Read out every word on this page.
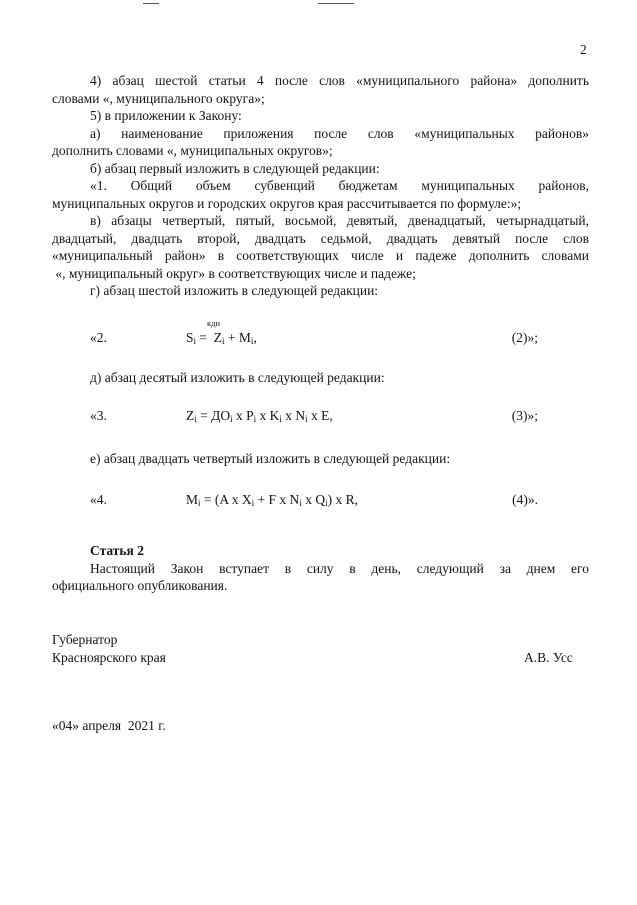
2
4) абзац шестой статьи 4 после слов «муниципального района» дополнить
словами «, муниципального округа»;
5) в приложении к Закону:
а) наименование приложения после слов «муниципальных районов»
дополнить словами «, муниципальных округов»;
б) абзац первый изложить в следующей редакции:
«1. Общий объем субвенций бюджетам муниципальных районов,
муниципальных округов и городских округов края рассчитывается по формуле:»;
в) абзацы четвертый, пятый, восьмой, девятый, двенадцатый, четырнадцатый,
двадцатый, двадцать второй, двадцать седьмой, двадцать девятый после слов
«муниципальный район» в соответствующих числе и падеже дополнить словами
«, муниципальный округ» в соответствующих числе и падеже;
г) абзац шестой изложить в следующей редакции:
кдн
«2.	$S_i = Z_i + M_i$,	(2)»;
д) абзац десятый изложить в следующей редакции:
«3.	$Z_i = ДО_i$ x $P_i$ x $K_i$ x $N_i$ x E,	(3)»;
е) абзац двадцать четвертый изложить в следующей редакции:
«4.	$M_i = (A$ x $X_i + F$ x $N_i$ x $Q_i$) x R,	(4)».
Статья 2
Настоящий Закон вступает в силу в день, следующий за днем его
официального опубликования.
Губернатор
Красноярского края	А.В. Усс
«04» апреля  2021 г.
